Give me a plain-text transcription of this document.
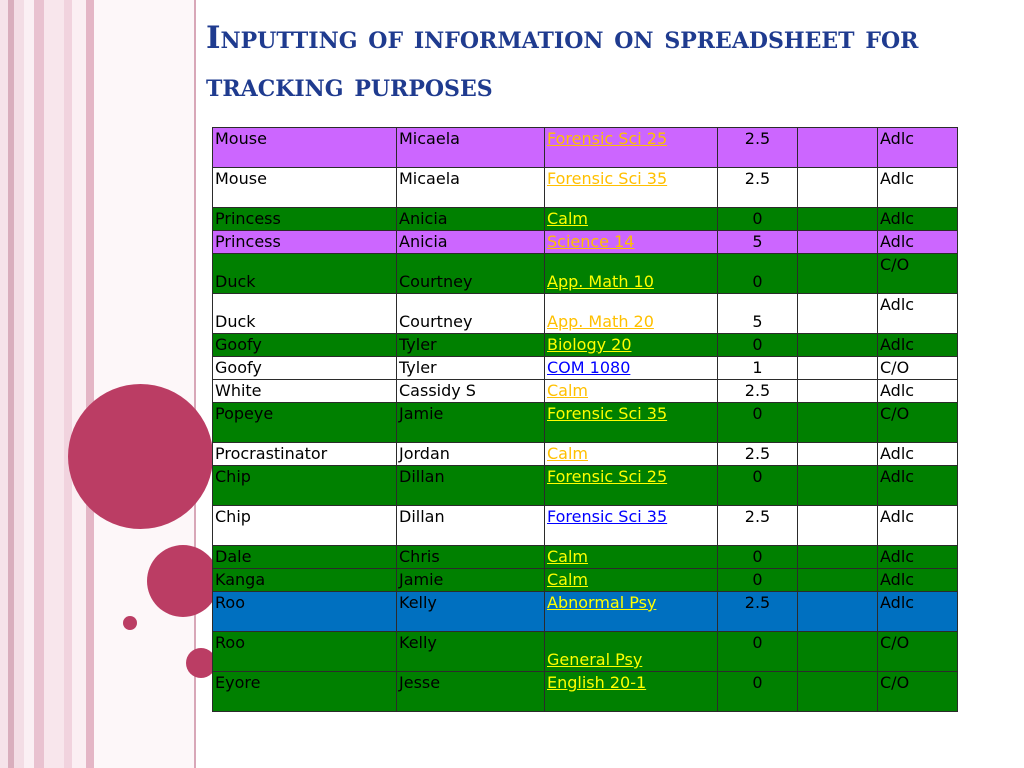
Inputting of information on spreadsheet for tracking purposes
Mouse	Micaela	Forensic Sci 25	2.5		Adlc
Mouse	Micaela	Forensic Sci 35	2.5		Adlc
Princess	Anicia	Calm	0		Adlc
Princess	Anicia	Science 14	5		Adlc
Duck	Courtney	App. Math 10	0		C/O
Duck	Courtney	App. Math 20	5		Adlc
Goofy	Tyler	Biology 20	0		Adlc
Goofy	Tyler	COM 1080	1		C/O
White	Cassidy S	Calm	2.5		Adlc
Popeye	Jamie	Forensic Sci 35	0		C/O
Procrastinator	Jordan	Calm	2.5		Adlc
Chip	Dillan	Forensic Sci 25	0		Adlc
Chip	Dillan	Forensic Sci 35	2.5		Adlc
Dale	Chris	Calm	0		Adlc
Kanga	Jamie	Calm	0		Adlc
Roo	Kelly	Abnormal Psy	2.5		Adlc
Roo	Kelly	General Psy	0		C/O
Eyore	Jesse	English 20-1	0		C/O
